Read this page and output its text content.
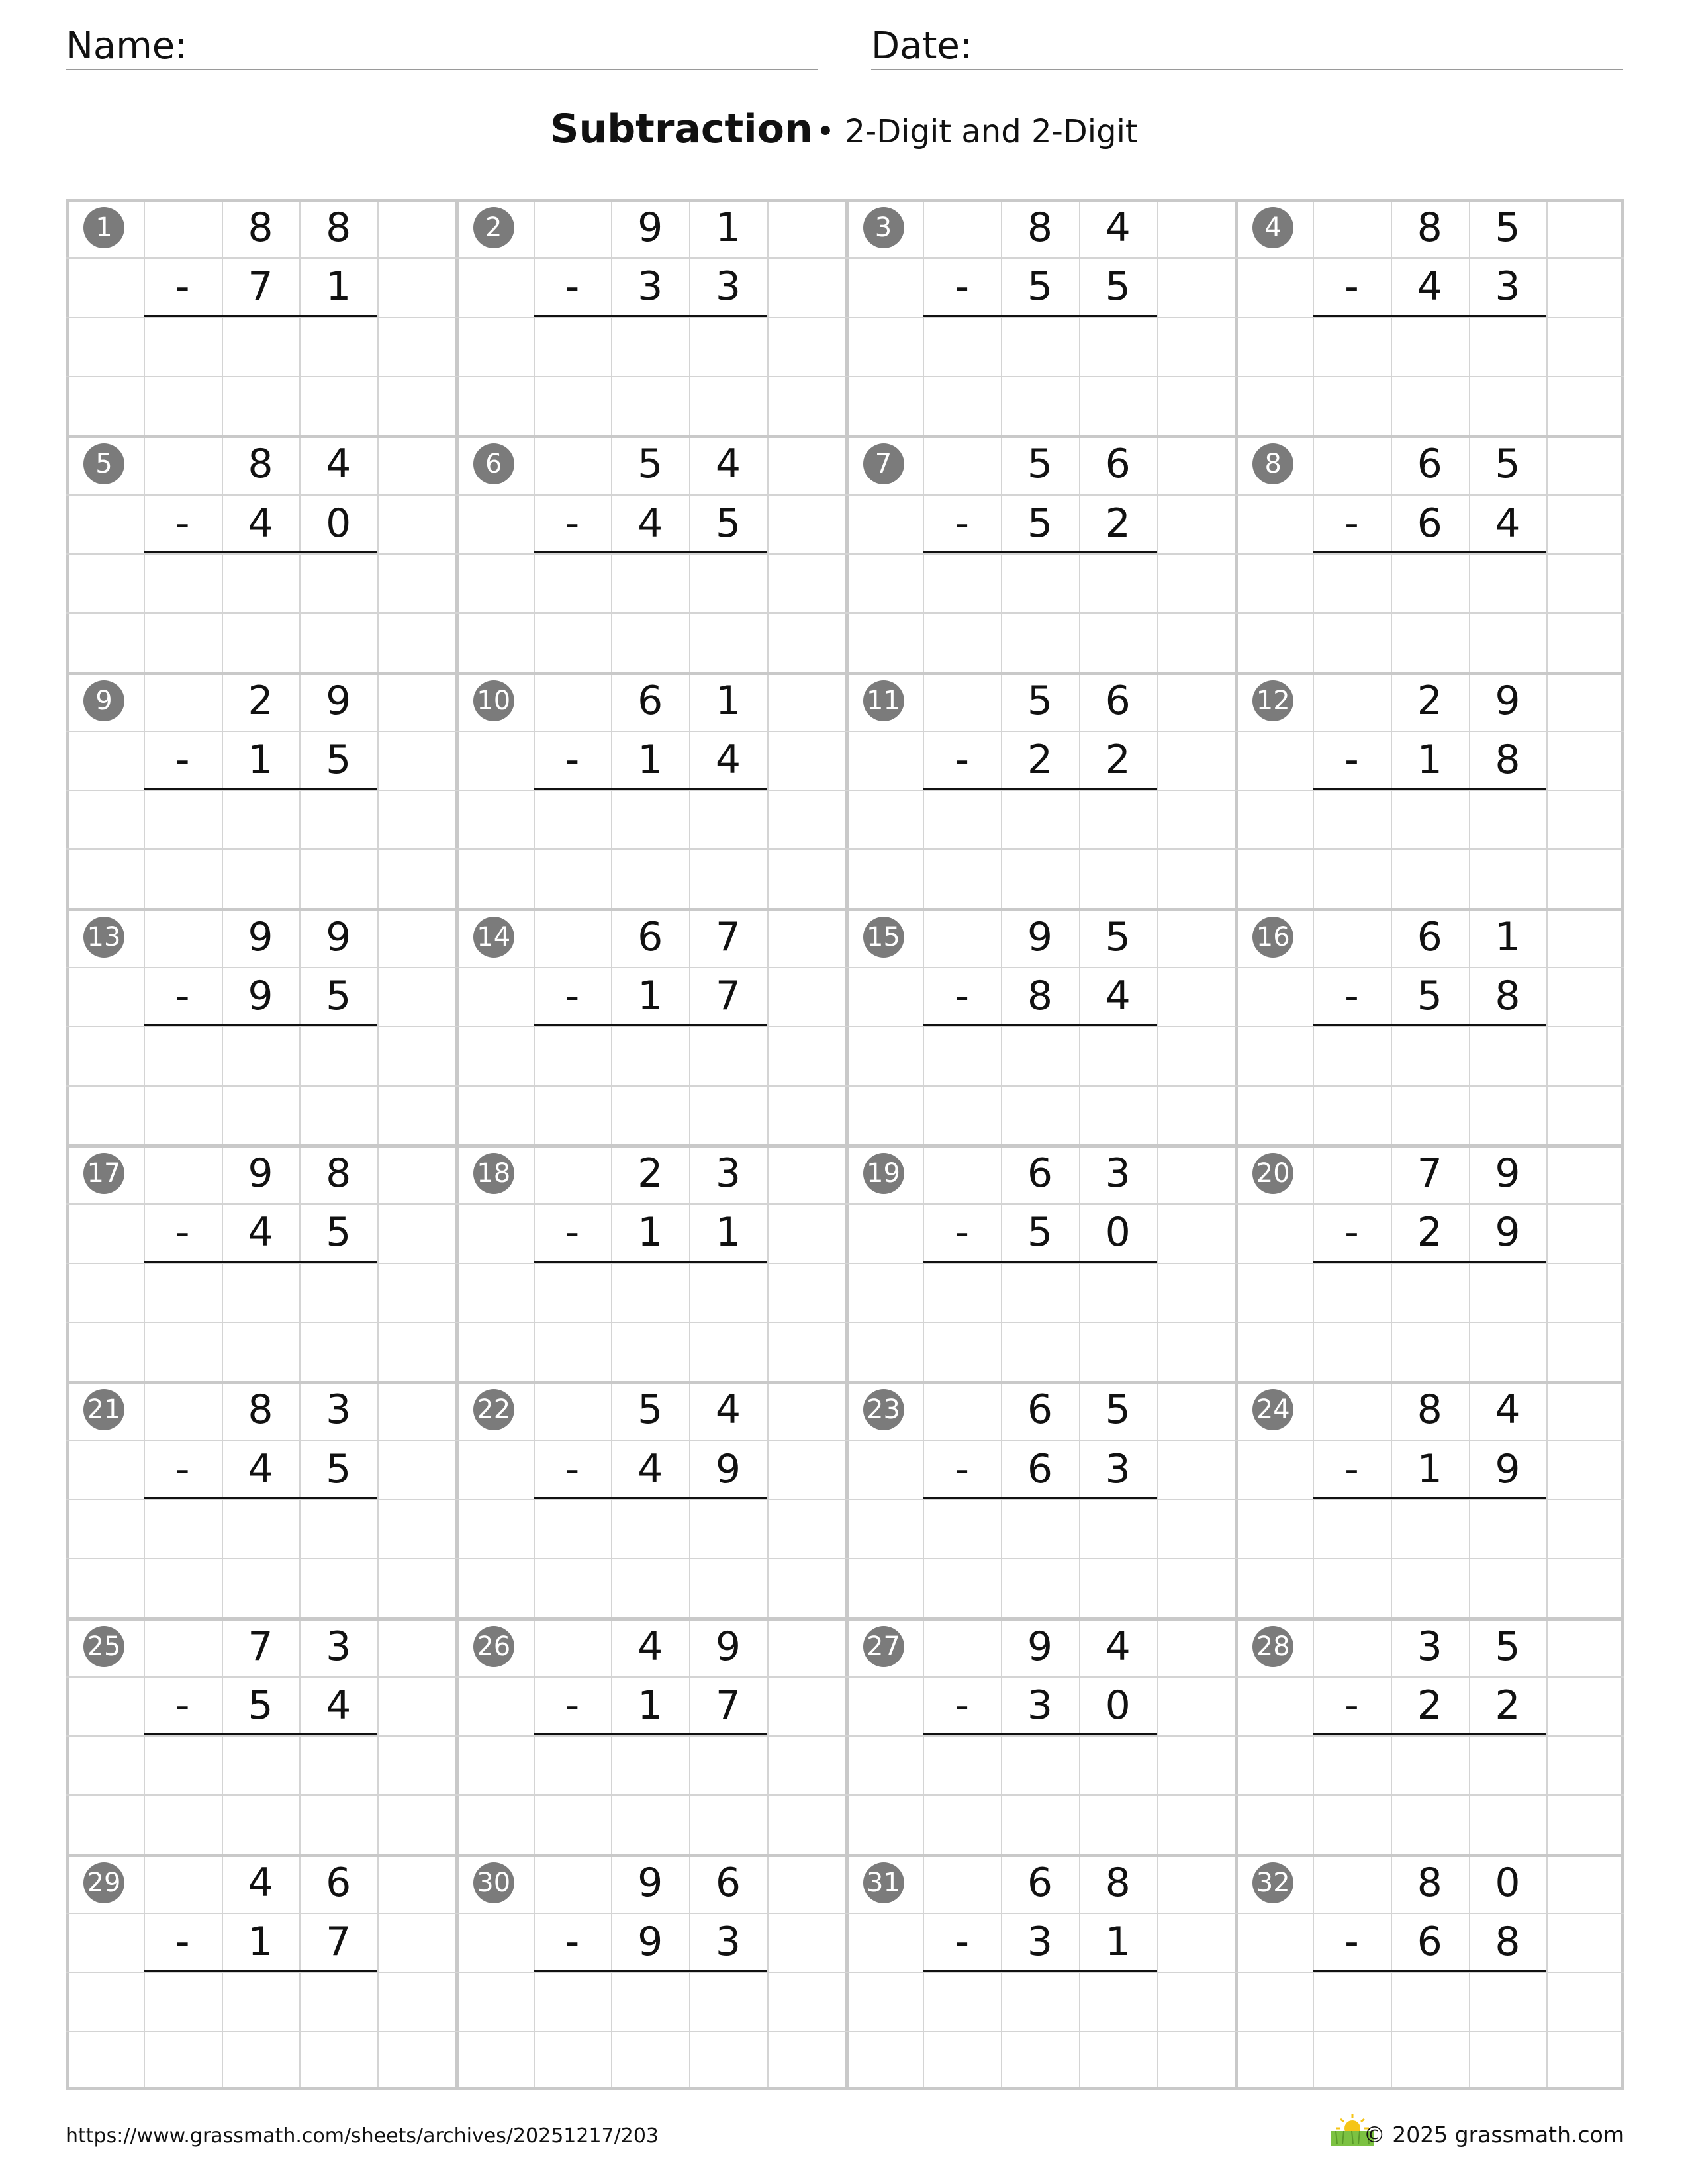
Name:	Date:
Subtraction • 2-Digit and 2-Digit
1	8	8
-	7	1
2	9	1
-	3	3
3	8	4
-	5	5
4	8	5
-	4	3
5	8	4
-	4	0
6	5	4
-	4	5
7	5	6
-	5	2
8	6	5
-	6	4
9	2	9
-	1	5
10	6	1
-	1	4
11	5	6
-	2	2
12	2	9
-	1	8
13	9	9
-	9	5
14	6	7
-	1	7
15	9	5
-	8	4
16	6	1
-	5	8
17	9	8
-	4	5
18	2	3
-	1	1
19	6	3
-	5	0
20	7	9
-	2	9
21	8	3
-	4	5
22	5	4
-	4	9
23	6	5
-	6	3
24	8	4
-	1	9
25	7	3
-	5	4
26	4	9
-	1	7
27	9	4
-	3	0
28	3	5
-	2	2
29	4	6
-	1	7
30	9	6
-	9	3
31	6	8
-	3	1
32	8	0
-	6	8
https://www.grassmath.com/sheets/archives/20251217/203	© 2025 grassmath.com
